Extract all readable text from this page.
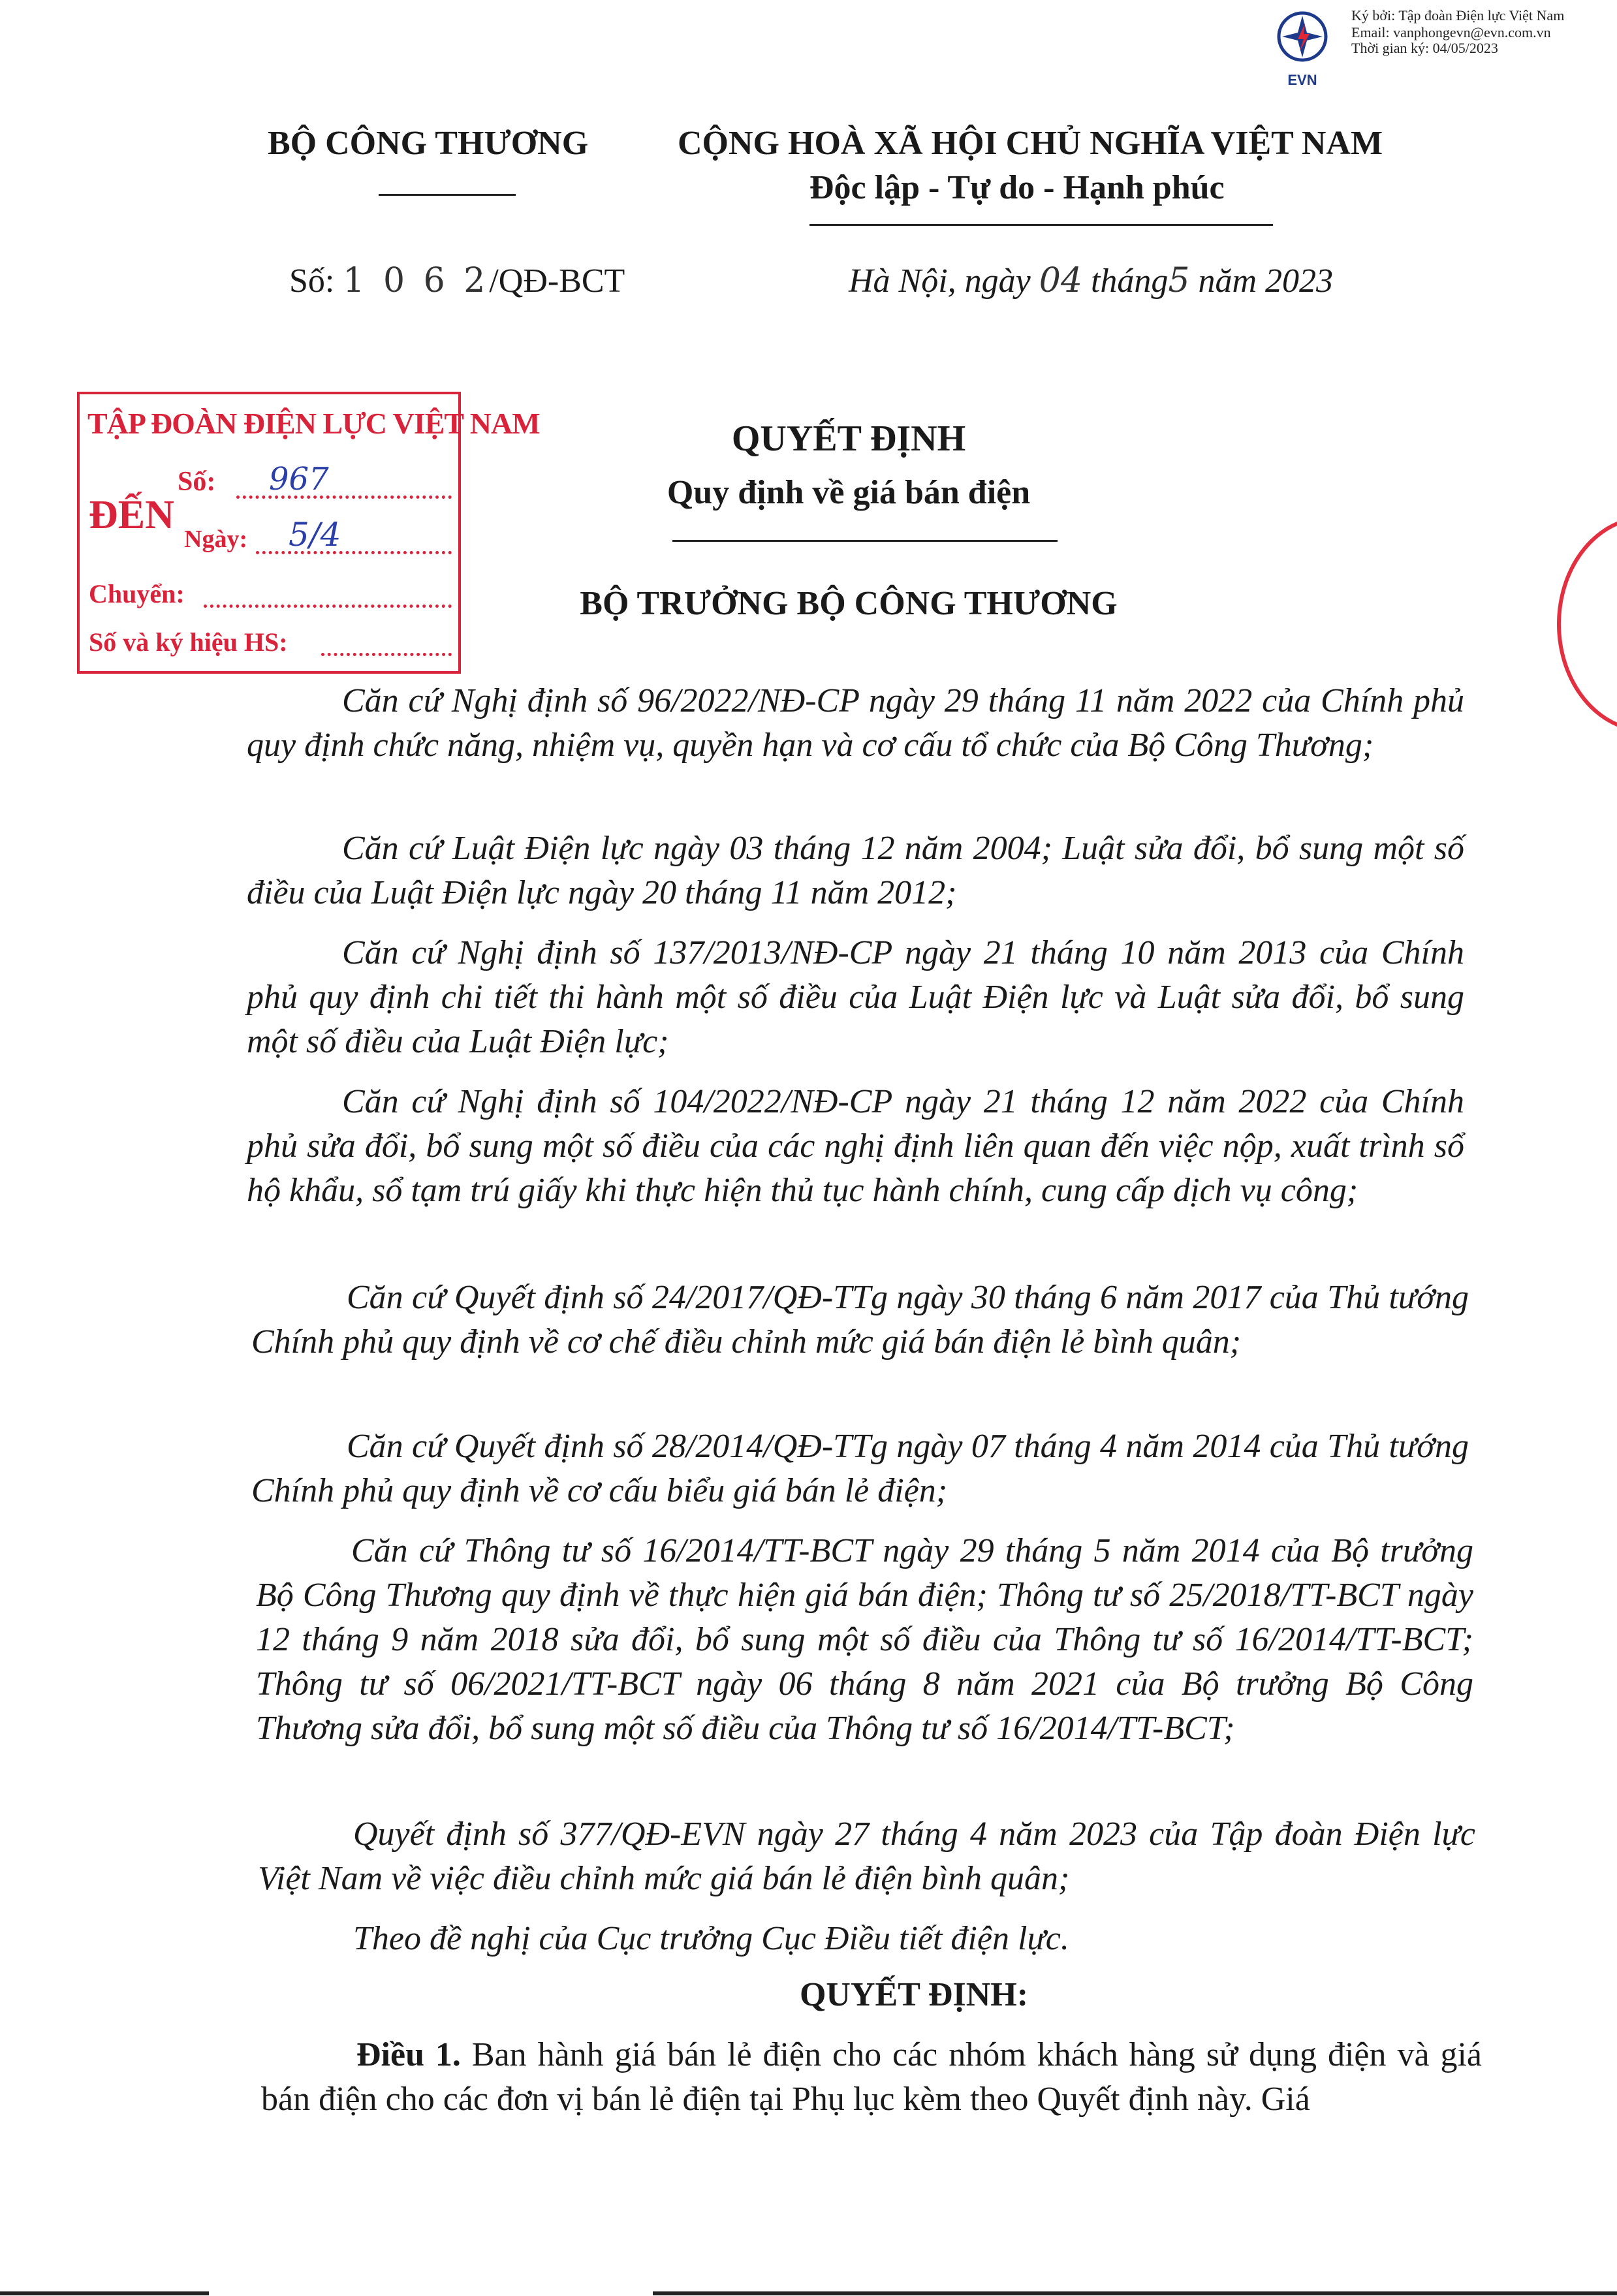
EVN
Ký bởi: Tập đoàn Điện lực Việt Nam
Email: vanphongevn@evn.com.vn
Thời gian ký: 04/05/2023
BỘ CÔNG THƯƠNG	CỘNG HOÀ XÃ HỘI CHỦ NGHĨA VIỆT NAM
Độc lập - Tự do - Hạnh phúc
Số: 1 0 6 2/QĐ-BCT	Hà Nội, ngày 04 tháng5 năm 2023
TẬP ĐOÀN ĐIỆN LỰC VIỆT NAM
ĐẾN
Số: 967
Ngày: 5/4
Chuyển:
Số và ký hiệu HS:
QUYẾT ĐỊNH
Quy định về giá bán điện
BỘ TRƯỞNG BỘ CÔNG THƯƠNG
Căn cứ Nghị định số 96/2022/NĐ-CP ngày 29 tháng 11 năm 2022 của Chính phủ quy định chức năng, nhiệm vụ, quyền hạn và cơ cấu tổ chức của Bộ Công Thương;
Căn cứ Luật Điện lực ngày 03 tháng 12 năm 2004; Luật sửa đổi, bổ sung một số điều của Luật Điện lực ngày 20 tháng 11 năm 2012;
Căn cứ Nghị định số 137/2013/NĐ-CP ngày 21 tháng 10 năm 2013 của Chính phủ quy định chi tiết thi hành một số điều của Luật Điện lực và Luật sửa đổi, bổ sung một số điều của Luật Điện lực;
Căn cứ Nghị định số 104/2022/NĐ-CP ngày 21 tháng 12 năm 2022 của Chính phủ sửa đổi, bổ sung một số điều của các nghị định liên quan đến việc nộp, xuất trình sổ hộ khẩu, sổ tạm trú giấy khi thực hiện thủ tục hành chính, cung cấp dịch vụ công;
Căn cứ Quyết định số 24/2017/QĐ-TTg ngày 30 tháng 6 năm 2017 của Thủ tướng Chính phủ quy định về cơ chế điều chỉnh mức giá bán điện lẻ bình quân;
Căn cứ Quyết định số 28/2014/QĐ-TTg ngày 07 tháng 4 năm 2014 của Thủ tướng Chính phủ quy định về cơ cấu biểu giá bán lẻ điện;
Căn cứ Thông tư số 16/2014/TT-BCT ngày 29 tháng 5 năm 2014 của Bộ trưởng Bộ Công Thương quy định về thực hiện giá bán điện; Thông tư số 25/2018/TT-BCT ngày 12 tháng 9 năm 2018 sửa đổi, bổ sung một số điều của Thông tư số 16/2014/TT-BCT; Thông tư số 06/2021/TT-BCT ngày 06 tháng 8 năm 2021 của Bộ trưởng Bộ Công Thương sửa đổi, bổ sung một số điều của Thông tư số 16/2014/TT-BCT;
Quyết định số 377/QĐ-EVN ngày 27 tháng 4 năm 2023 của Tập đoàn Điện lực Việt Nam về việc điều chỉnh mức giá bán lẻ điện bình quân;
Theo đề nghị của Cục trưởng Cục Điều tiết điện lực.
QUYẾT ĐỊNH:
Điều 1. Ban hành giá bán lẻ điện cho các nhóm khách hàng sử dụng điện và giá bán điện cho các đơn vị bán lẻ điện tại Phụ lục kèm theo Quyết định này. Giá
